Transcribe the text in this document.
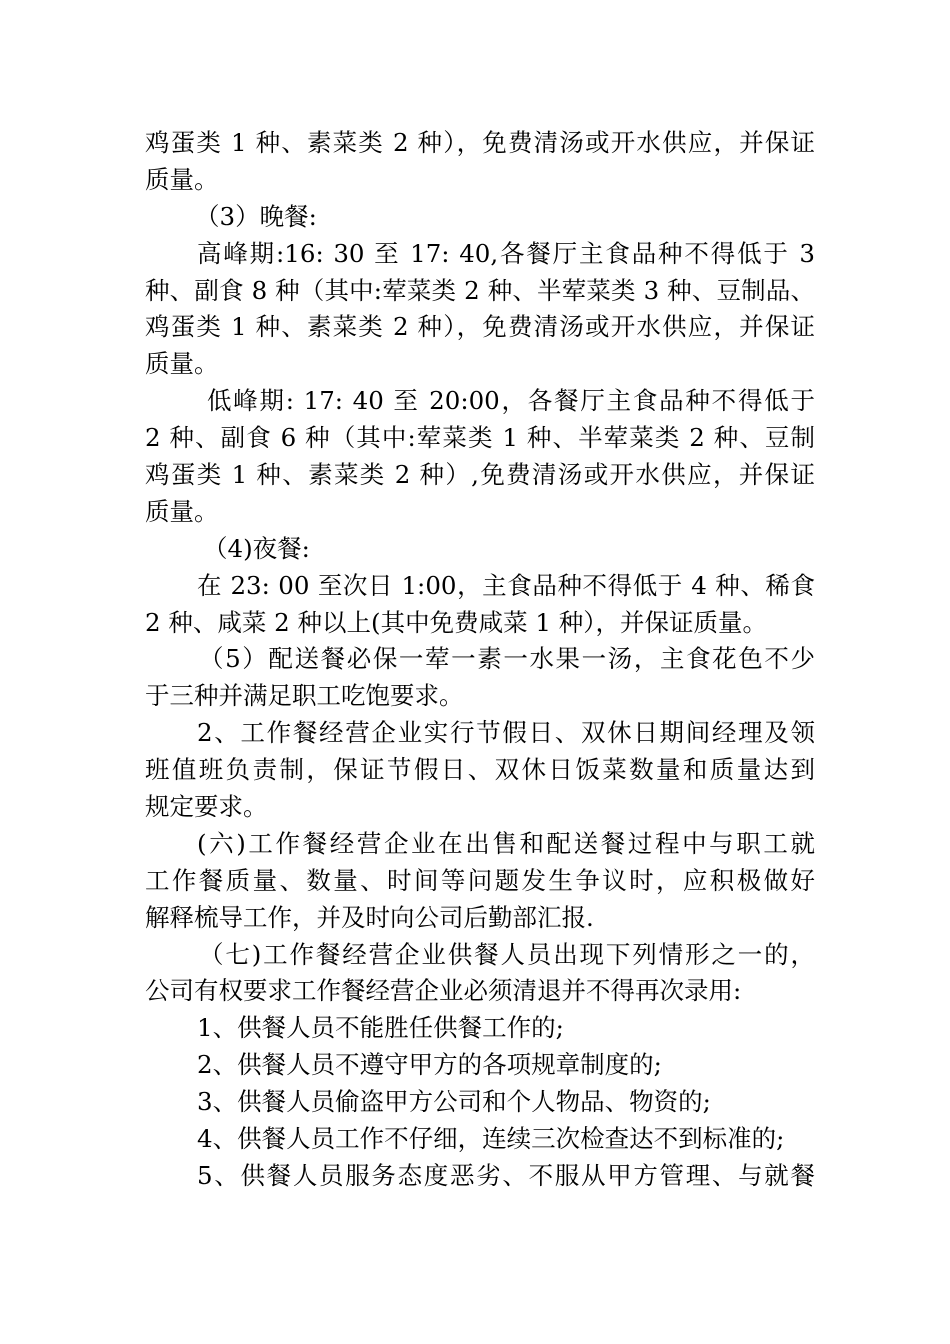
鸡蛋类 1 种、素菜类 2 种），免费清汤或开水供应，并保证
质量。
（3）晚餐:
高峰期:16: 30 至 17: 40,各餐厅主食品种不得低于 3
种、副食 8 种（其中:荤菜类 2 种、半荤菜类 3 种、豆制品、
鸡蛋类 1 种、素菜类 2 种），免费清汤或开水供应，并保证
质量。
低峰期: 17: 40 至 20:00，各餐厅主食品种不得低于
2 种、副食 6 种（其中:荤菜类 1 种、半荤菜类 2 种、豆制
鸡蛋类 1 种、素菜类 2 种）,免费清汤或开水供应，并保证
质量。
（4)夜餐:
在 23: 00 至次日 1:00，主食品种不得低于 4 种、稀食
2 种、咸菜 2 种以上(其中免费咸菜 1 种），并保证质量。
（5）配送餐必保一荤一素一水果一汤，主食花色不少
于三种并满足职工吃饱要求。
2、工作餐经营企业实行节假日、双休日期间经理及领
班值班负责制，保证节假日、双休日饭菜数量和质量达到
规定要求。
(六)工作餐经营企业在出售和配送餐过程中与职工就
工作餐质量、数量、时间等问题发生争议时，应积极做好
解释梳导工作，并及时向公司后勤部汇报.
（七)工作餐经营企业供餐人员出现下列情形之一的，
公司有权要求工作餐经营企业必须清退并不得再次录用:
1、供餐人员不能胜任供餐工作的;
2、供餐人员不遵守甲方的各项规章制度的;
3、供餐人员偷盗甲方公司和个人物品、物资的;
4、供餐人员工作不仔细，连续三次检查达不到标准的;
5、供餐人员服务态度恶劣、不服从甲方管理、与就餐
